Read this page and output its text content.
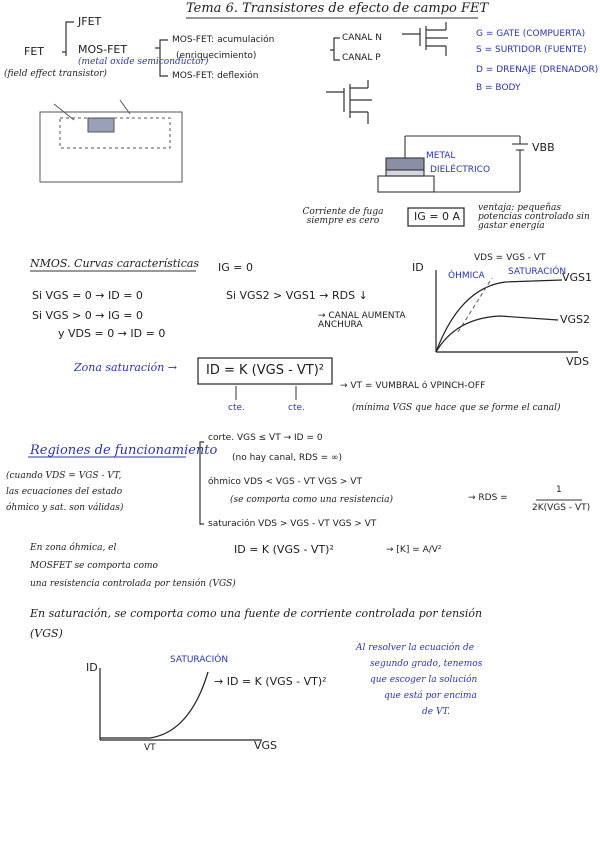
Tema 6. Transistores de efecto de campo FET
FET
(field effect transistor)
JFET
MOS-FET
(metal oxide semiconductor)
MOS-FET: acumulación
(enriquecimiento)
MOS-FET: deflexión
CANAL N
CANAL P
G = GATE (COMPUERTA)
S = SURTIDOR (FUENTE)
D = DRENAJE (DRENADOR)
B = BODY
METAL
DIELÉCTRICO
VBB
Corriente de fuga siempre es cero	IG = 0 A
ventaja: pequeñas potencias controlado sin gastar energía
NMOS. Curvas características IG = 0
Si VGS = 0 → ID = 0
Si VGS > 0 → IG = 0
y VDS = 0 → ID = 0
Si VGS2 > VGS1 → RDS ↓
→ CANAL AUMENTA ANCHURA
ID
VDS
ÓHMICA	SATURACIÓN
VDS = VGS - VT
VGS1
VGS2
Zona saturación → ID = K (VGS - VT)²
cte.	cte.
→ VT = VUMBRAL ó VPINCH-OFF
(mínima VGS que hace que se forme el canal)
Regiones de funcionamiento
(cuando VDS = VGS - VT,
las ecuaciones del estado
óhmico y sat. son válidas)
corte. VGS ≤ VT → ID = 0
(no hay canal, RDS = ∞)
óhmico VDS < VGS - VT VGS > VT
(se comporta como una resistencia)	→ RDS =
1
2K(VGS - VT)
saturación VDS > VGS - VT VGS > VT
ID = K (VGS - VT)²	→ [K] = A/V²
En zona óhmica, el
MOSFET se comporta como
una resistencia controlada por tensión (VGS)
En saturación, se comporta como una fuente de corriente controlada por tensión
(VGS)
ID
VGS
VT
SATURACIÓN
→ ID = K (VGS - VT)²
Al resolver la ecuación de
segundo grado, tenemos
que escoger la solución
que está por encima
de VT.
